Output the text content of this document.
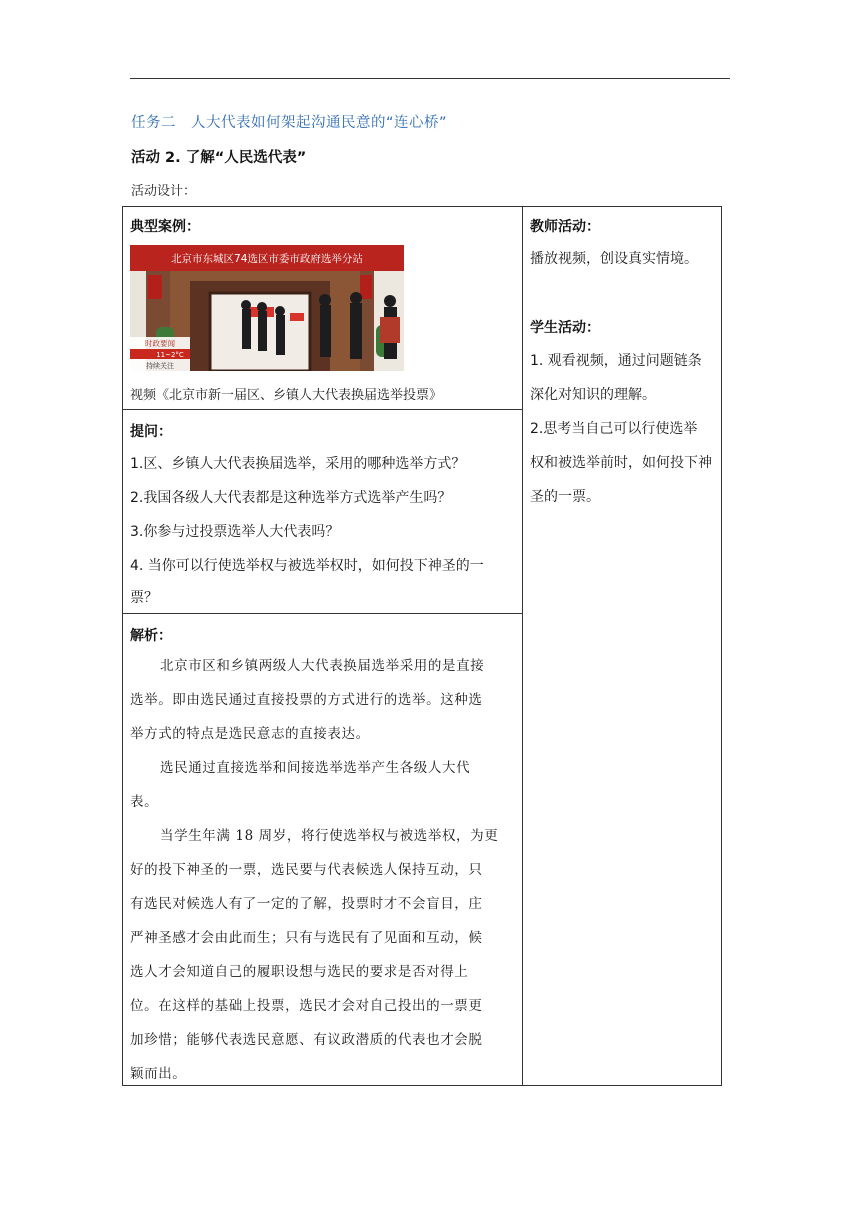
任务二　人大代表如何架起沟通民意的“连心桥”
活动 2. 了解“人民选代表”
活动设计：
典型案例：
北京市东城区74选区市委市政府选举分站
时政要闻
11~2°C
持续关注
视频《北京市新一届区、乡镇人大代表换届选举投票》
提问：
1.区、乡镇人大代表换届选举，采用的哪种选举方式？
2.我国各级人大代表都是这种选举方式选举产生吗？
3.你参与过投票选举人大代表吗？
4. 当你可以行使选举权与被选举权时，如何投下神圣的一
票？
解析：
北京市区和乡镇两级人大代表换届选举采用的是直接
选举。即由选民通过直接投票的方式进行的选举。这种选
举方式的特点是选民意志的直接表达。
选民通过直接选举和间接选举选举产生各级人大代
表。
当学生年满 18 周岁，将行使选举权与被选举权，为更
好的投下神圣的一票，选民要与代表候选人保持互动，只
有选民对候选人有了一定的了解，投票时才不会盲目，庄
严神圣感才会由此而生；只有与选民有了见面和互动，候
选人才会知道自己的履职设想与选民的要求是否对得上
位。在这样的基础上投票，选民才会对自己投出的一票更
加珍惜；能够代表选民意愿、有议政潜质的代表也才会脱
颖而出。
教师活动：
播放视频，创设真实情境。
学生活动：
1. 观看视频，通过问题链条
深化对知识的理解。
2.思考当自己可以行使选举
权和被选举前时，如何投下神
圣的一票。
